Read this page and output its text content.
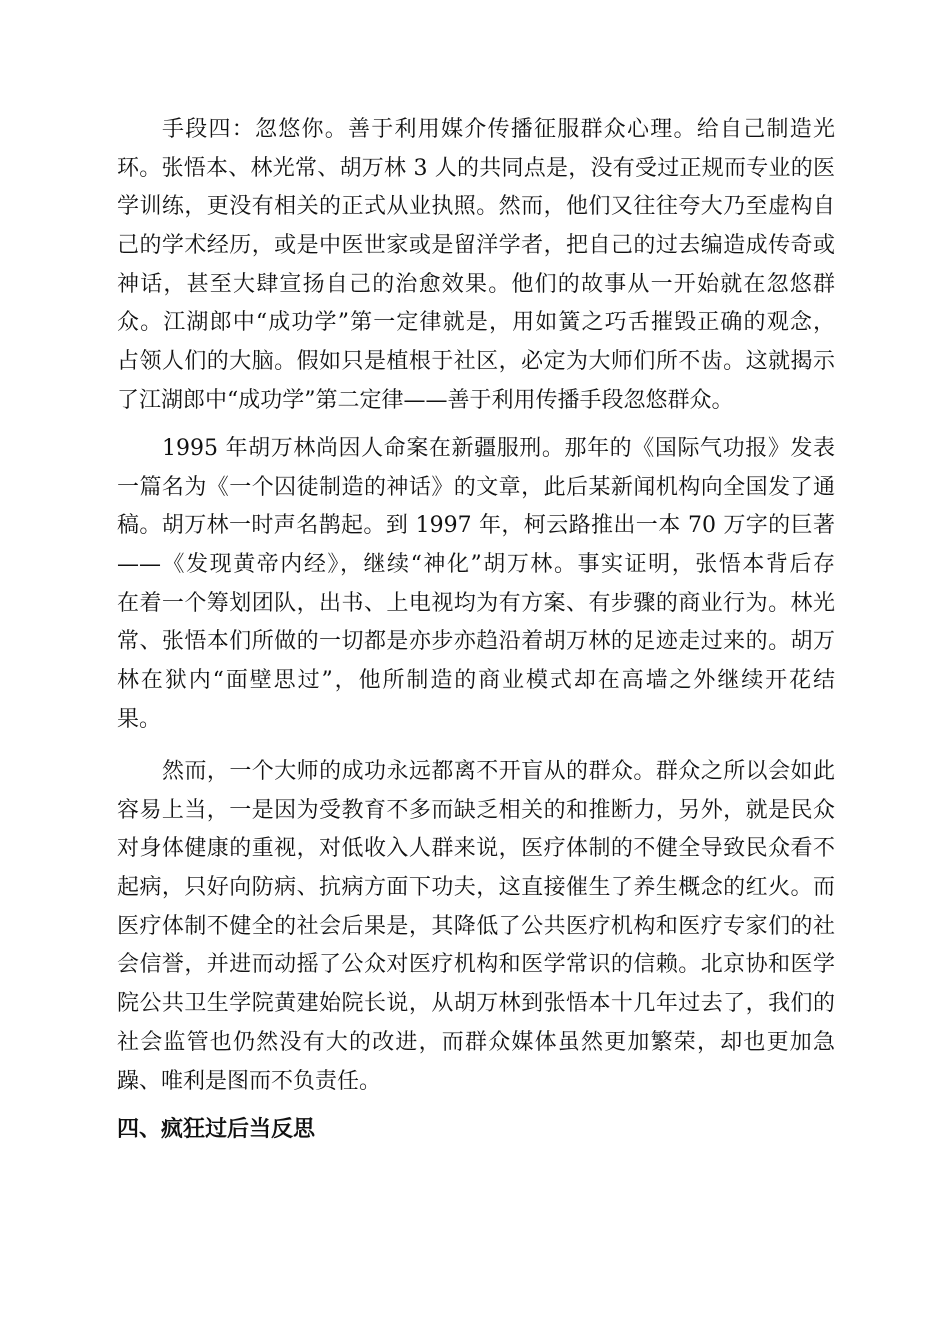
手段四：忽悠你。善于利用媒介传播征服群众心理。给自己制造光
环。张悟本、林光常、胡万林 3 人的共同点是，没有受过正规而专业的医
学训练，更没有相关的正式从业执照。然而，他们又往往夸大乃至虚构自
己的学术经历，或是中医世家或是留洋学者，把自己的过去编造成传奇或
神话，甚至大肆宣扬自己的治愈效果。他们的故事从一开始就在忽悠群
众。江湖郎中“成功学”第一定律就是，用如簧之巧舌摧毁正确的观念，
占领人们的大脑。假如只是植根于社区，必定为大师们所不齿。这就揭示
了江湖郎中“成功学”第二定律——善于利用传播手段忽悠群众。
1995 年胡万林尚因人命案在新疆服刑。那年的《国际气功报》发表
一篇名为《一个囚徒制造的神话》的文章，此后某新闻机构向全国发了通
稿。胡万林一时声名鹊起。到 1997 年，柯云路推出一本 70 万字的巨著
——《发现黄帝内经》，继续“神化”胡万林。事实证明，张悟本背后存
在着一个筹划团队，出书、上电视均为有方案、有步骤的商业行为。林光
常、张悟本们所做的一切都是亦步亦趋沿着胡万林的足迹走过来的。胡万
林在狱内“面壁思过”，他所制造的商业模式却在高墙之外继续开花结
果。
然而，一个大师的成功永远都离不开盲从的群众。群众之所以会如此
容易上当，一是因为受教育不多而缺乏相关的和推断力，另外，就是民众
对身体健康的重视，对低收入人群来说，医疗体制的不健全导致民众看不
起病，只好向防病、抗病方面下功夫，这直接催生了养生概念的红火。而
医疗体制不健全的社会后果是，其降低了公共医疗机构和医疗专家们的社
会信誉，并进而动摇了公众对医疗机构和医学常识的信赖。北京协和医学
院公共卫生学院黄建始院长说，从胡万林到张悟本十几年过去了，我们的
社会监管也仍然没有大的改进，而群众媒体虽然更加繁荣，却也更加急
躁、唯利是图而不负责任。
四、疯狂过后当反思
